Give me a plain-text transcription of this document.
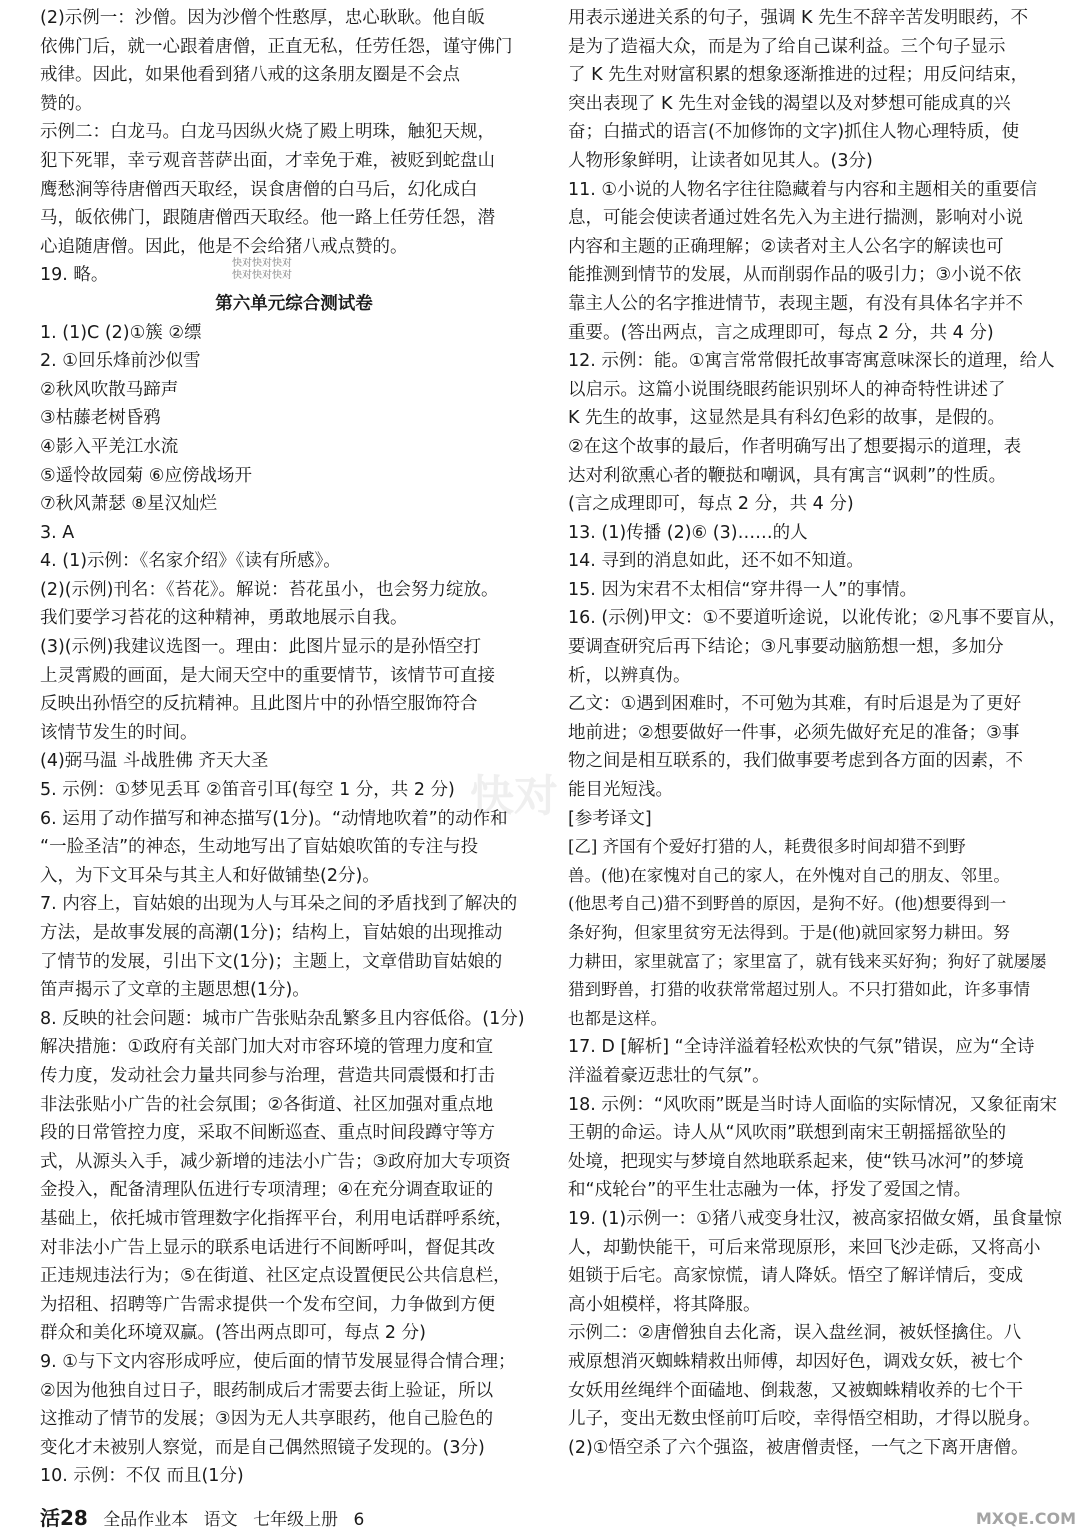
(2)示例一：沙僧。因为沙僧个性憨厚，忠心耿耿。他自皈
依佛门后，就一心跟着唐僧，正直无私，任劳任怨，谨守佛门
戒律。因此，如果他看到猪八戒的这条朋友圈是不会点
赞的。
示例二：白龙马。白龙马因纵火烧了殿上明珠，触犯天规，
犯下死罪，幸亏观音菩萨出面，才幸免于难，被贬到蛇盘山
鹰愁涧等待唐僧西天取经，误食唐僧的白马后，幻化成白
马，皈依佛门，跟随唐僧西天取经。他一路上任劳任怨，潜
心追随唐僧。因此，他是不会给猪八戒点赞的。
19. 略。
第六单元综合测试卷
1. (1)C (2)①簇 ②缥
2. ①回乐烽前沙似雪
②秋风吹散马蹄声
③枯藤老树昏鸦
④影入平羌江水流
⑤遥怜故园菊 ⑥应傍战场开
⑦秋风萧瑟 ⑧星汉灿烂
3. A
4. (1)示例：《名家介绍》《读有所感》。
(2)(示例)刊名：《苔花》。解说：苔花虽小，也会努力绽放。
我们要学习苔花的这种精神，勇敢地展示自我。
(3)(示例)我建议选图一。理由：此图片显示的是孙悟空打
上灵霄殿的画面，是大闹天空中的重要情节，该情节可直接
反映出孙悟空的反抗精神。且此图片中的孙悟空服饰符合
该情节发生的时间。
(4)弼马温 斗战胜佛 齐天大圣
5. 示例：①梦见丢耳 ②笛音引耳(每空 1 分，共 2 分)
6. 运用了动作描写和神态描写(1分)。“动情地吹着”的动作和
“一脸圣洁”的神态，生动地写出了盲姑娘吹笛的专注与投
入，为下文耳朵与其主人和好做铺垫(2分)。
7. 内容上，盲姑娘的出现为人与耳朵之间的矛盾找到了解决的
方法，是故事发展的高潮(1分)；结构上，盲姑娘的出现推动
了情节的发展，引出下文(1分)；主题上，文章借助盲姑娘的
笛声揭示了文章的主题思想(1分)。
8. 反映的社会问题：城市广告张贴杂乱繁多且内容低俗。(1分)
解决措施：①政府有关部门加大对市容环境的管理力度和宣
传力度，发动社会力量共同参与治理，营造共同震慑和打击
非法张贴小广告的社会氛围；②各街道、社区加强对重点地
段的日常管控力度，采取不间断巡查、重点时间段蹲守等方
式，从源头入手，减少新增的违法小广告；③政府加大专项资
金投入，配备清理队伍进行专项清理；④在充分调查取证的
基础上，依托城市管理数字化指挥平台，利用电话群呼系统，
对非法小广告上显示的联系电话进行不间断呼叫，督促其改
正违规违法行为；⑤在街道、社区定点设置便民公共信息栏，
为招租、招聘等广告需求提供一个发布空间，力争做到方便
群众和美化环境双赢。(答出两点即可，每点 2 分)
9. ①与下文内容形成呼应，使后面的情节发展显得合情合理；
②因为他独自过日子，眼药制成后才需要去街上验证，所以
这推动了情节的发展；③因为无人共享眼药，他自己脸色的
变化才未被别人察觉，而是自己偶然照镜子发现的。(3分)
10. 示例：不仅 而且(1分)
用表示递进关系的句子，强调 K 先生不辞辛苦发明眼药，不
是为了造福大众，而是为了给自己谋利益。三个句子显示
了 K 先生对财富积累的想象逐渐推进的过程；用反问结束，
突出表现了 K 先生对金钱的渴望以及对梦想可能成真的兴
奋；白描式的语言(不加修饰的文字)抓住人物心理特质，使
人物形象鲜明，让读者如见其人。(3分)
11. ①小说的人物名字往往隐藏着与内容和主题相关的重要信
息，可能会使读者通过姓名先入为主进行揣测，影响对小说
内容和主题的正确理解；②读者对主人公名字的解读也可
能推测到情节的发展，从而削弱作品的吸引力；③小说不依
靠主人公的名字推进情节，表现主题，有没有具体名字并不
重要。(答出两点，言之成理即可，每点 2 分，共 4 分)
12. 示例：能。①寓言常常假托故事寄寓意味深长的道理，给人
以启示。这篇小说围绕眼药能识别坏人的神奇特性讲述了
K 先生的故事，这显然是具有科幻色彩的故事，是假的。
②在这个故事的最后，作者明确写出了想要揭示的道理，表
达对利欲熏心者的鞭挞和嘲讽，具有寓言“讽刺”的性质。
(言之成理即可，每点 2 分，共 4 分)
13. (1)传播 (2)⑥ (3)……的人
14. 寻到的消息如此，还不如不知道。
15. 因为宋君不太相信“穿井得一人”的事情。
16. (示例)甲文：①不要道听途说，以讹传讹；②凡事不要盲从，
要调查研究后再下结论；③凡事要动脑筋想一想，多加分
析，以辨真伪。
乙文：①遇到困难时，不可勉为其难，有时后退是为了更好
地前进；②想要做好一件事，必须先做好充足的准备；③事
物之间是相互联系的，我们做事要考虑到各方面的因素，不
能目光短浅。
[参考译文]
[乙] 齐国有个爱好打猎的人，耗费很多时间却猎不到野
兽。(他)在家愧对自己的家人，在外愧对自己的朋友、邻里。
(他思考自己)猎不到野兽的原因，是狗不好。(他)想要得到一
条好狗，但家里贫穷无法得到。于是(他)就回家努力耕田。努
力耕田，家里就富了；家里富了，就有钱来买好狗；狗好了就屡屡
猎到野兽，打猎的收获常常超过别人。不只打猎如此，许多事情
也都是这样。
17. D [解析] “全诗洋溢着轻松欢快的气氛”错误，应为“全诗
洋溢着豪迈悲壮的气氛”。
18. 示例：“风吹雨”既是当时诗人面临的实际情况，又象征南宋
王朝的命运。诗人从“风吹雨”联想到南宋王朝摇摇欲坠的
处境，把现实与梦境自然地联系起来，使“铁马冰河”的梦境
和“戍轮台”的平生壮志融为一体，抒发了爱国之情。
19. (1)示例一：①猪八戒变身壮汉，被高家招做女婿，虽食量惊
人，却勤快能干，可后来常现原形，来回飞沙走砾，又将高小
姐锁于后宅。高家惊慌，请人降妖。悟空了解详情后，变成
高小姐模样，将其降服。
示例二：②唐僧独自去化斋，误入盘丝洞，被妖怪擒住。八
戒原想消灭蜘蛛精救出师傅，却因好色，调戏女妖，被七个
女妖用丝绳绊个面磕地、倒栽葱，又被蜘蛛精收养的七个干
儿子，变出无数虫怪前叮后咬，幸得悟空相助，才得以脱身。
(2)①悟空杀了六个强盗，被唐僧责怪，一气之下离开唐僧。
快对
快对快对快对
快对快对快对
活28 全品作业本 语文 七年级上册 6	MXQE.COM
